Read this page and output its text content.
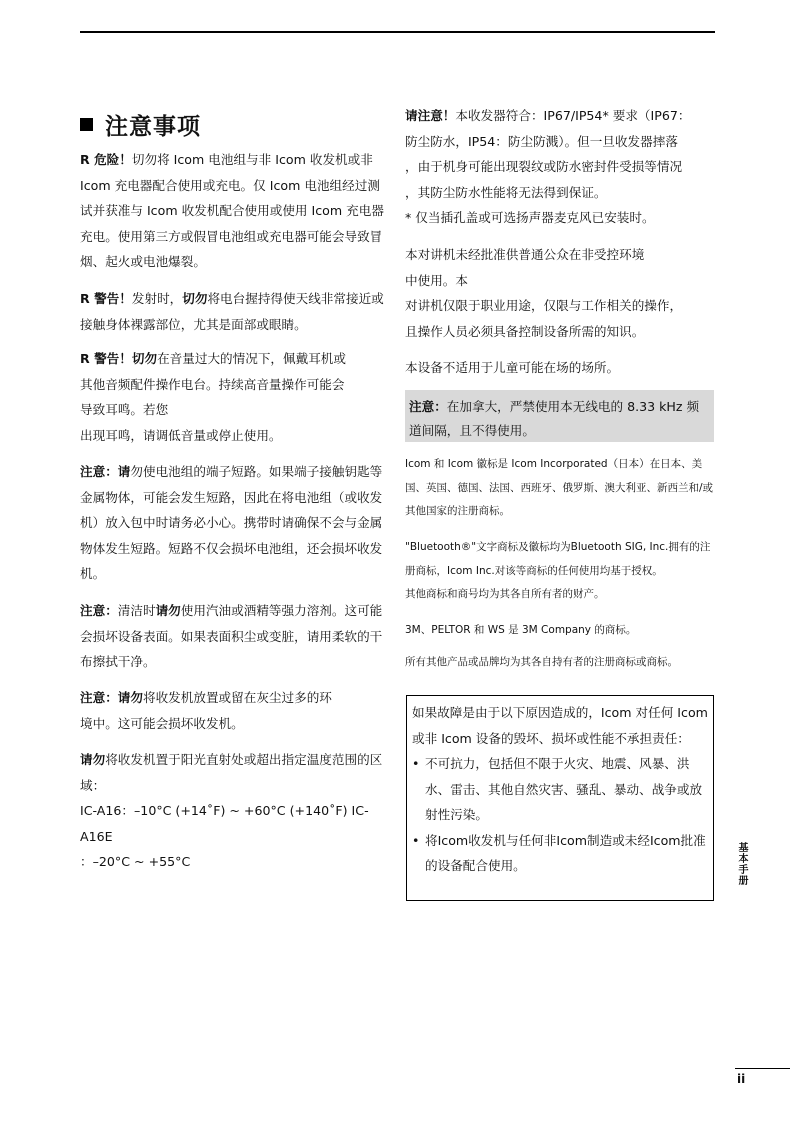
注意事项

R 危险！切勿将 Icom 电池组与非 Icom 收发机或非 Icom 充电器配合使用或充电。仅 Icom 电池组经过测试并获准与 Icom 收发机配合使用或使用 Icom 充电器充电。使用第三方或假冒电池组或充电器可能会导致冒烟、起火或电池爆裂。

R 警告！发射时，切勿将电台握持得使天线非常接近或接触身体裸露部位，尤其是面部或眼睛。

R 警告！切勿在音量过大的情况下，佩戴耳机或
其他音频配件操作电台。持续高音量操作可能会
导致耳鸣。若您
出现耳鸣，请调低音量或停止使用。

注意：请勿使电池组的端子短路。如果端子接触钥匙等金属物体，可能会发生短路，因此在将电池组（或收发机）放入包中时请务必小心。携带时请确保不会与金属物体发生短路。短路不仅会损坏电池组，还会损坏收发机。

注意：清洁时请勿使用汽油或酒精等强力溶剂。这可能会损坏设备表面。如果表面积尘或变脏，请用柔软的干布擦拭干净。

注意：请勿将收发机放置或留在灰尘过多的环
境中。这可能会损坏收发机。

请勿将收发机置于阳光直射处或超出指定温度范围的区域：
IC-A16：–10°C (+14˚F) ~ +60°C (+140˚F) IC-A16E
：–20°C ~ +55°C

请注意！本收发器符合：IP67/IP54* 要求（IP67：
防尘防水，IP54：防尘防溅）。但一旦收发器摔落
，由于机身可能出现裂纹或防水密封件受损等情况
，其防尘防水性能将无法得到保证。

* 仅当插孔盖或可选扬声器麦克风已安装时。

本对讲机未经批准供普通公众在非受控环境
中使用。本
对讲机仅限于职业用途，仅限与工作相关的操作，
且操作人员必须具备控制设备所需的知识。

本设备不适用于儿童可能在场的场所。

注意：在加拿大，严禁使用本无线电的 8.33 kHz 频道间隔，且不得使用。

Icom 和 Icom 徽标是 Icom Incorporated（日本）在日本、美国、英国、德国、法国、西班牙、俄罗斯、澳大利亚、新西兰和/或其他国家的注册商标。

"Bluetooth®"文字商标及徽标均为Bluetooth SIG, Inc.拥有的注册商标，Icom Inc.对该等商标的任何使用均基于授权。

其他商标和商号均为其各自所有者的财产。

3M、PELTOR 和 WS 是 3M Company 的商标。

所有其他产品或品牌均为其各自持有者的注册商标或商标。

如果故障是由于以下原因造成的，Icom 对任何 Icom 或非 Icom 设备的毁坏、损坏或性能不承担责任：

• 不可抗力，包括但不限于火灾、地震、风暴、洪水、雷击、其他自然灾害、骚乱、暴动、战争或放射性污染。
• 将Icom收发机与任何非Icom制造或未经Icom批准的设备配合使用。	基本手册
ii
